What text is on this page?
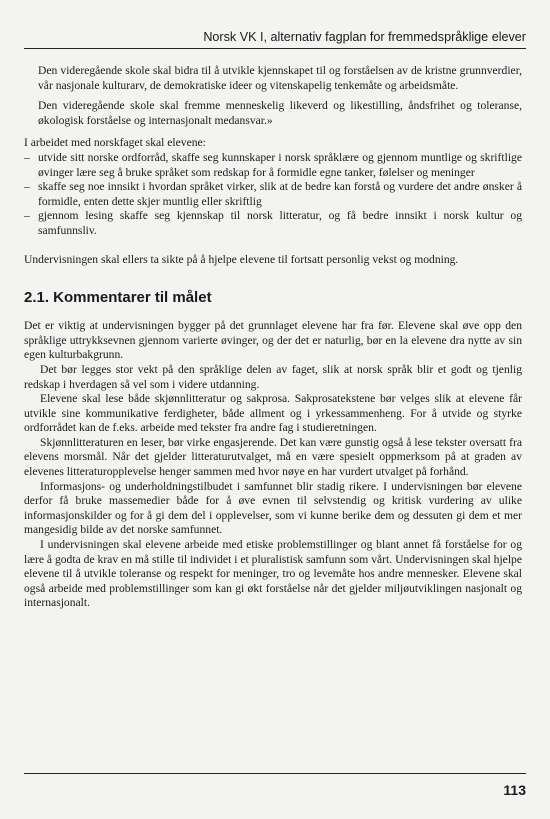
Norsk VK I, alternativ fagplan for fremmedspråklige elever

Den videregående skole skal bidra til å utvikle kjennskapet til og forståelsen av de kristne grunnverdier, vår nasjonale kulturarv, de demokratiske ideer og vitenskapelig tenkemåte og arbeidsmåte.

Den videregående skole skal fremme menneskelig likeverd og likestilling, åndsfrihet og toleranse, økologisk forståelse og internasjonalt medansvar.»

I arbeidet med norskfaget skal elevene:

– utvide sitt norske ordforråd, skaffe seg kunnskaper i norsk språklære og gjennom muntlige og skriftlige øvinger lære seg å bruke språket som redskap for å formidle egne tanker, følelser og meninger
– skaffe seg noe innsikt i hvordan språket virker, slik at de bedre kan forstå og vurdere det andre ønsker å formidle, enten dette skjer muntlig eller skriftlig
– gjennom lesing skaffe seg kjennskap til norsk litteratur, og få bedre innsikt i norsk kultur og samfunnsliv.

Undervisningen skal ellers ta sikte på å hjelpe elevene til fortsatt personlig vekst og modning.

2.1. Kommentarer til målet

Det er viktig at undervisningen bygger på det grunnlaget elevene har fra før. Elevene skal øve opp den språklige uttrykksevnen gjennom varierte øvinger, og der det er naturlig, bør en la elevene dra nytte av sin egen kulturbakgrunn.

Det bør legges stor vekt på den språklige delen av faget, slik at norsk språk blir et godt og tjenlig redskap i hverdagen så vel som i videre utdanning.

Elevene skal lese både skjønnlitteratur og sakprosa. Sakprosatekstene bør velges slik at elevene får utvikle sine kommunikative ferdigheter, både allment og i yrkessammenheng. For å utvide og styrke ordforrådet kan de f.eks. arbeide med tekster fra andre fag i studieretningen.

Skjønnlitteraturen en leser, bør virke engasjerende. Det kan være gunstig også å lese tekster oversatt fra elevens morsmål. Når det gjelder litteraturutvalget, må en være spesielt oppmerksom på at graden av elevenes litteraturopplevelse henger sammen med hvor nøye en har vurdert utvalget på forhånd.

Informasjons- og underholdningstilbudet i samfunnet blir stadig rikere. I undervisningen bør elevene derfor få bruke massemedier både for å øve evnen til selvstendig og kritisk vurdering av ulike informasjonskilder og for å gi dem del i opplevelser, som vi kunne berike dem og dessuten gi dem et mer mangesidig bilde av det norske samfunnet.

I undervisningen skal elevene arbeide med etiske problemstillinger og blant annet få forståelse for og lære å godta de krav en må stille til individet i et pluralistisk samfunn som vårt. Undervisningen skal hjelpe elevene til å utvikle toleranse og respekt for meninger, tro og levemåte hos andre mennesker. Elevene skal også arbeide med problemstillinger som kan gi økt forståelse når det gjelder miljøutviklingen nasjonalt og internasjonalt.

113
